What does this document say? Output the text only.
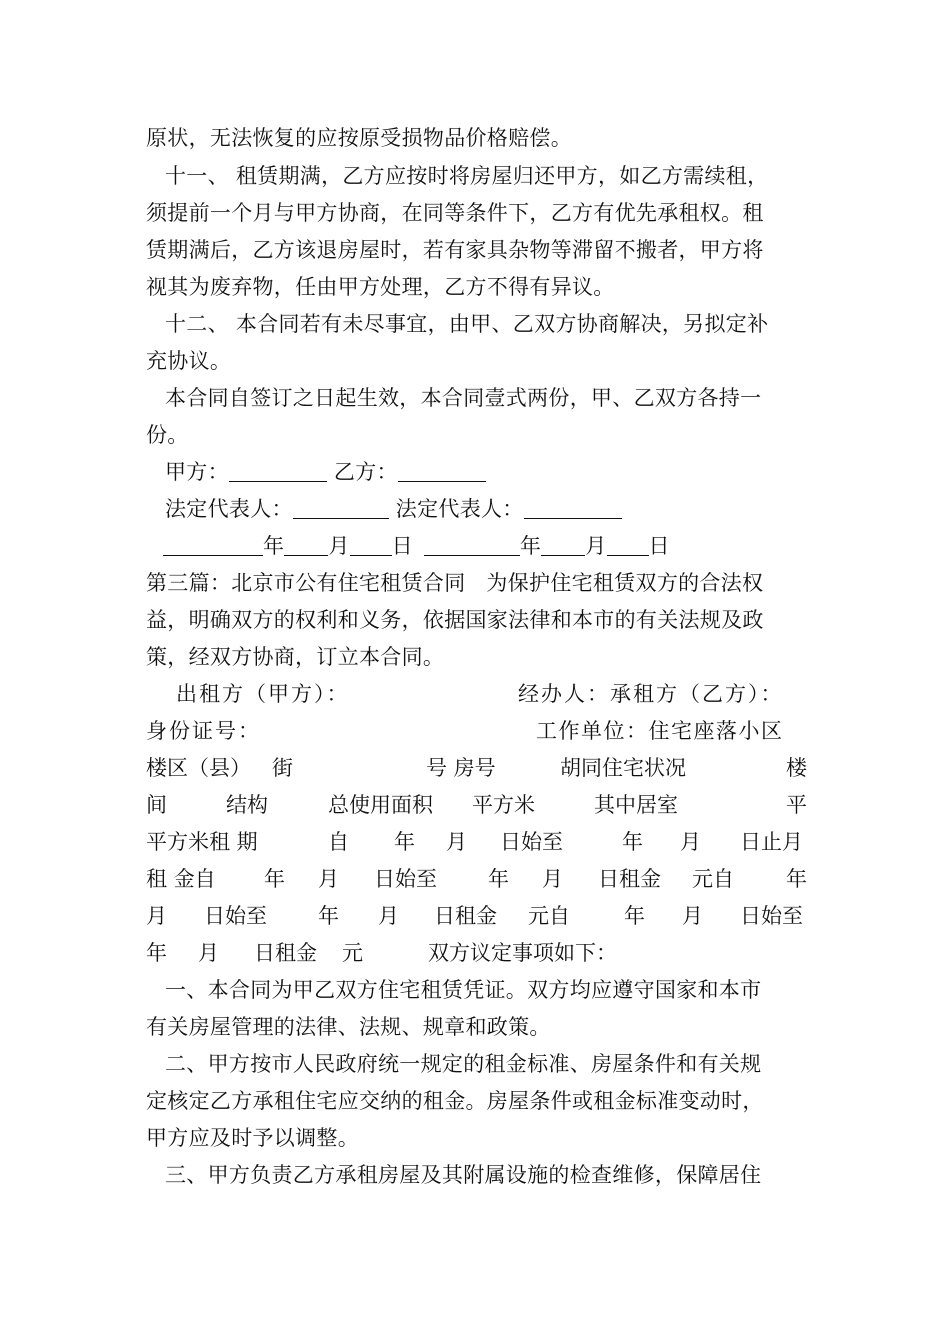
原状，无法恢复的应按原受损物品价格赔偿。
十一、 租赁期满，乙方应按时将房屋归还甲方，如乙方需续租，
须提前一个月与甲方协商，在同等条件下，乙方有优先承租权。租
赁期满后，乙方该退房屋时，若有家具杂物等滞留不搬者，甲方将
视其为废弃物，任由甲方处理，乙方不得有异议。
十二、 本合同若有未尽事宜，由甲、乙双方协商解决，另拟定补
充协议。
本合同自签订之日起生效，本合同壹式两份，甲、乙双方各持一
份。
甲方：	乙方：
法定代表人：	法定代表人：
年 月 日	年 月 日
第三篇：北京市公有住宅租赁合同   为保护住宅租赁双方的合法权
益，明确双方的权利和义务，依据国家法律和本市的有关法规及政
策，经双方协商，订立本合同。
出租方（甲方）：	经办人：承租方（乙方）：
身份证号：	工作单位：住宅座落小区
楼区（县） 街	号 房号	胡同住宅状况	楼
间	结构	总使用面积 平方米	其中居室	平
平方米租 期	自 年 月 日始至	年 月 日止月
租 金自 年 月 日始至 年 月 日租金 元自 年
月 日始至 年 月 日租金 元自	年 月 日始至
年 月 日租金 元	双方议定事项如下：
一、本合同为甲乙双方住宅租赁凭证。双方均应遵守国家和本市
有关房屋管理的法律、法规、规章和政策。
二、甲方按市人民政府统一规定的租金标准、房屋条件和有关规
定核定乙方承租住宅应交纳的租金。房屋条件或租金标准变动时，
甲方应及时予以调整。
三、甲方负责乙方承租房屋及其附属设施的检查维修，保障居住
